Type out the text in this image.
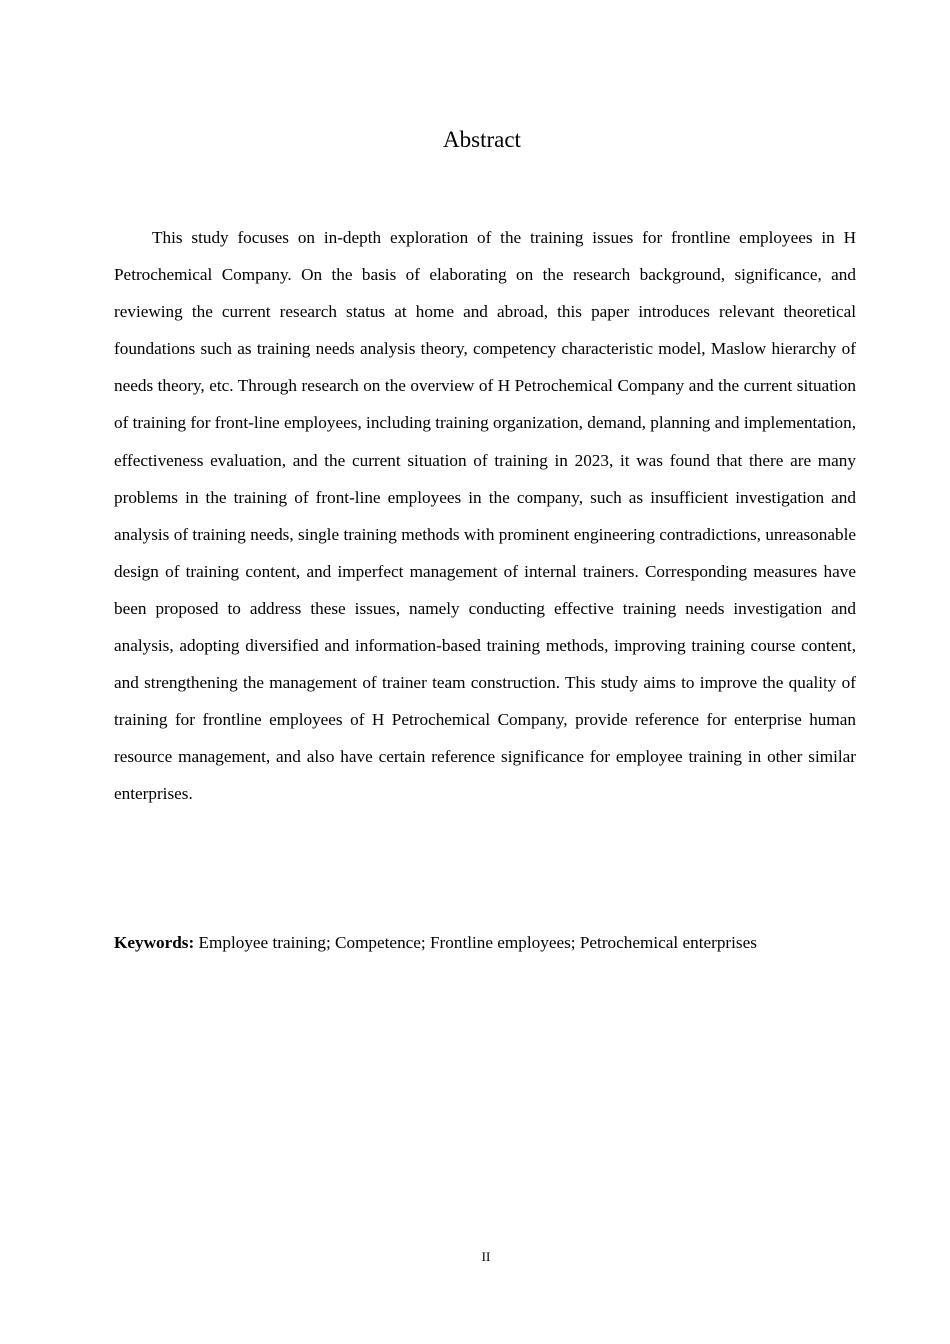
Abstract

This study focuses on in-depth exploration of the training issues for frontline employees in H Petrochemical Company. On the basis of elaborating on the research background, significance, and reviewing the current research status at home and abroad, this paper introduces relevant theoretical foundations such as training needs analysis theory, competency characteristic model, Maslow hierarchy of needs theory, etc. Through research on the overview of H Petrochemical Company and the current situation of training for front-line employees, including training organization, demand, planning and implementation, effectiveness evaluation, and the current situation of training in 2023, it was found that there are many problems in the training of front-line employees in the company, such as insufficient investigation and analysis of training needs, single training methods with prominent engineering contradictions, unreasonable design of training content, and imperfect management of internal trainers. Corresponding measures have been proposed to address these issues, namely conducting effective training needs investigation and analysis, adopting diversified and information-based training methods, improving training course content, and strengthening the management of trainer team construction. This study aims to improve the quality of training for frontline employees of H Petrochemical Company, provide reference for enterprise human resource management, and also have certain reference significance for employee training in other similar enterprises.

Keywords: Employee training; Competence; Frontline employees; Petrochemical enterprises

II
